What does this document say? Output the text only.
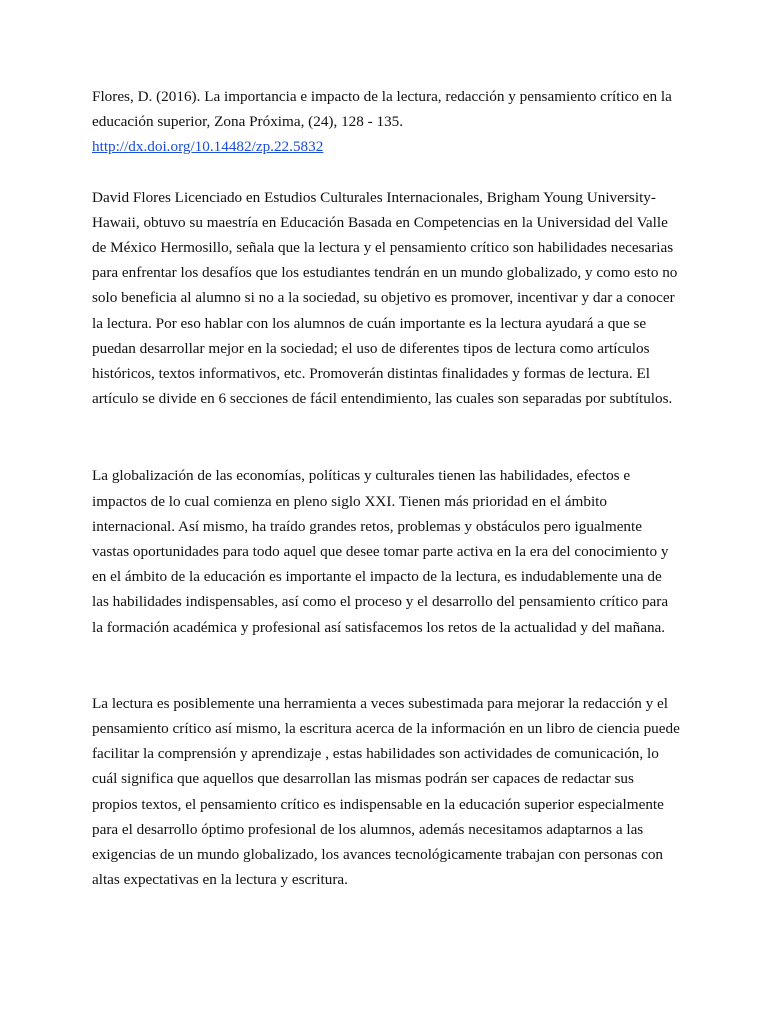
Flores, D. (2016). La importancia e impacto de la lectura, redacción y pensamiento crítico en la educación superior, Zona Próxima, (24), 128 - 135.

http://dx.doi.org/10.14482/zp.22.5832

David Flores Licenciado en Estudios Culturales Internacionales, Brigham Young University-Hawaii, obtuvo su maestría en Educación Basada en Competencias en la Universidad del Valle de México Hermosillo, señala que la lectura y el pensamiento crítico son habilidades necesarias para enfrentar los desafíos que los estudiantes tendrán en un mundo globalizado, y como esto no solo beneficia al alumno si no a la sociedad, su objetivo es promover, incentivar y dar a conocer la lectura. Por eso hablar con los alumnos de cuán importante es la lectura ayudará a que se puedan desarrollar mejor en la sociedad; el uso de diferentes tipos de lectura como artículos históricos, textos informativos, etc. Promoverán distintas finalidades y formas de lectura. El artículo se divide en 6 secciones de fácil entendimiento, las cuales son separadas por subtítulos.

La globalización de las economías, políticas y culturales tienen las habilidades, efectos e impactos de lo cual comienza en pleno siglo XXI. Tienen más prioridad en el ámbito internacional. Así mismo, ha traído grandes retos, problemas y obstáculos pero igualmente vastas oportunidades para todo aquel que desee tomar parte activa en la era del conocimiento y en el ámbito de la educación es importante el impacto de la lectura, es indudablemente una de las habilidades indispensables, así como el proceso y el desarrollo del pensamiento crítico para la formación académica y profesional así satisfacemos los retos de la actualidad y del mañana.

La lectura es posiblemente una herramienta a veces subestimada para mejorar la redacción y el pensamiento crítico así mismo, la escritura acerca de la información en un libro de ciencia puede facilitar la comprensión y aprendizaje , estas habilidades son actividades de comunicación, lo cuál significa que aquellos que desarrollan las mismas podrán ser capaces de redactar sus propios textos, el pensamiento crítico es indispensable en la educación superior especialmente para el desarrollo óptimo profesional de los alumnos, además necesitamos adaptarnos a las exigencias de un mundo globalizado, los avances tecnológicamente trabajan con personas con altas expectativas en la lectura y escritura.
